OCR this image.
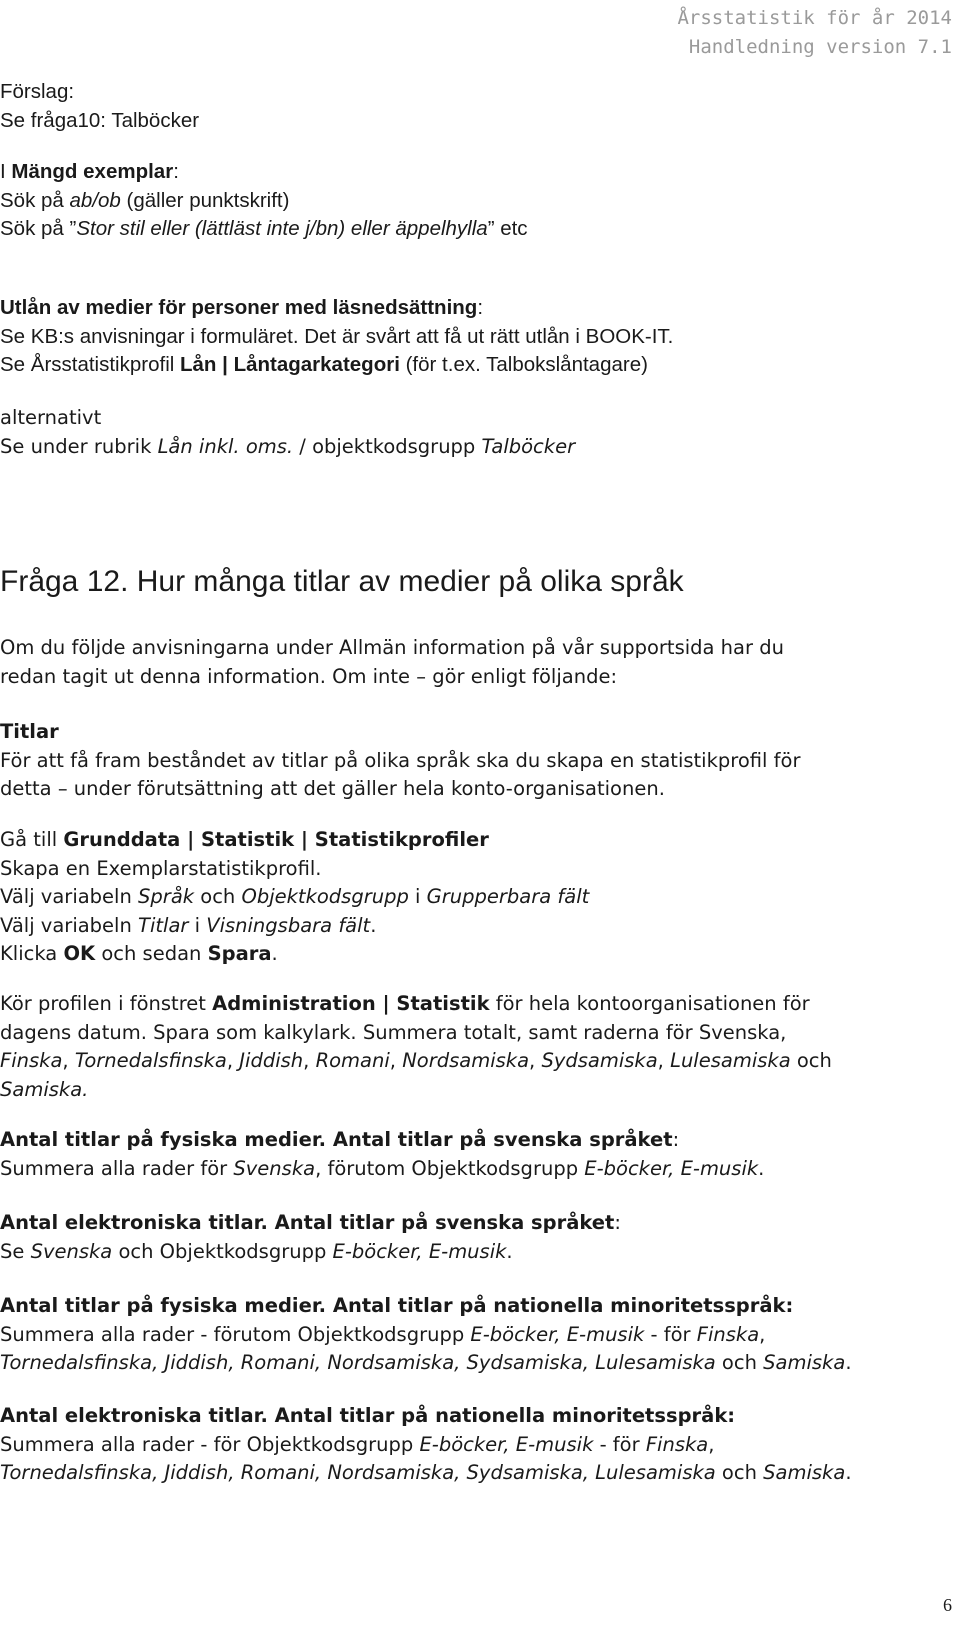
Årsstatistik för år 2014
Handledning version 7.1
Förslag:
Se fråga10: Talböcker
I Mängd exemplar:
Sök på ab/ob (gäller punktskrift)
Sök på ”Stor stil eller (lättläst inte j/bn) eller äppelhylla” etc
Utlån av medier för personer med läsnedsättning:
Se KB:s anvisningar i formuläret. Det är svårt att få ut rätt utlån i BOOK-IT.
Se Årsstatistikprofil Lån | Låntagarkategori (för t.ex. Talbokslåntagare)
alternativt
Se under rubrik Lån inkl. oms. / objektkodsgrupp Talböcker
Fråga 12. Hur många titlar av medier på olika språk
Om du följde anvisningarna under Allmän information på vår supportsida har du
redan tagit ut denna information. Om inte – gör enligt följande:
Titlar
För att få fram beståndet av titlar på olika språk ska du skapa en statistikprofil för
detta – under förutsättning att det gäller hela konto-organisationen.
Gå till Grunddata | Statistik | Statistikprofiler
Skapa en Exemplarstatistikprofil.
Välj variabeln Språk och Objektkodsgrupp i Grupperbara fält
Välj variabeln Titlar i Visningsbara fält.
Klicka OK och sedan Spara.
Kör profilen i fönstret Administration | Statistik för hela kontoorganisationen för
dagens datum. Spara som kalkylark. Summera totalt, samt raderna för Svenska,
Finska, Tornedalsfinska, Jiddish, Romani, Nordsamiska, Sydsamiska, Lulesamiska och
Samiska.
Antal titlar på fysiska medier. Antal titlar på svenska språket:
Summera alla rader för Svenska, förutom Objektkodsgrupp E-böcker, E-musik.
Antal elektroniska titlar. Antal titlar på svenska språket:
Se Svenska och Objektkodsgrupp E-böcker, E-musik.
Antal titlar på fysiska medier. Antal titlar på nationella minoritetsspråk:
Summera alla rader - förutom Objektkodsgrupp E-böcker, E-musik - för Finska,
Tornedalsfinska, Jiddish, Romani, Nordsamiska, Sydsamiska, Lulesamiska och Samiska.
Antal elektroniska titlar. Antal titlar på nationella minoritetsspråk:
Summera alla rader - för Objektkodsgrupp E-böcker, E-musik - för Finska,
Tornedalsfinska, Jiddish, Romani, Nordsamiska, Sydsamiska, Lulesamiska och Samiska.
6
